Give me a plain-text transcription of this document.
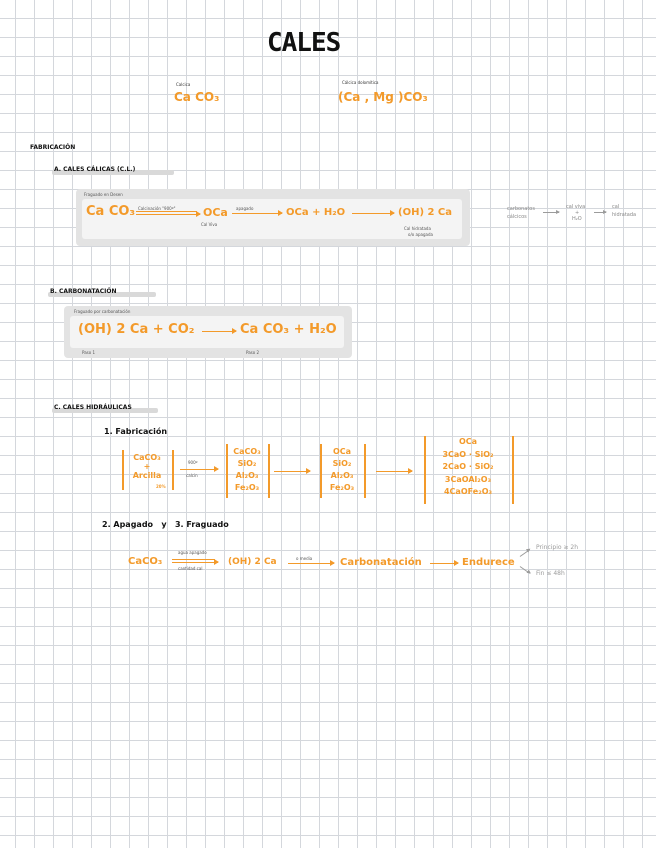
CALES
Calcica
Ca CO₃
Cálcica dolomítica
(Ca , Mg )CO₃
FABRICACIÓN
A. CALES CÁLICAS (C.L.)
Fraguado en Desen
Ca CO₃ Calcinación "900º"	OCa
Cal Viva
apagado	OCa + H₂O	(OH) 2 Ca
Cal hidratada
o/o apagada
carbonatos
cálcicos
cal viva
+
H₂O
cal
hidratada
B. CARBONATACIÓN
Fraguado por carbonatación
(OH) 2 Ca + CO₂	Ca CO₃ + H₂O
Paso 1	Paso 2
C. CALES HIDRÁULICAS
1. Fabricación
CaCO₃
+
Arcilla
20%
900º
calcin
CaCO₃
SiO₂
Al₂O₃
Fe₂O₃
OCa
SiO₂
Al₂O₃
Fe₂O₃
OCa
3CaO · SiO₂
2CaO · SiO₂
3CaOAl₂O₃
4CaOFe₂O₃
2. Apagado   y   3. Fraguado
CaCO₃
agua apagado
cantidad cal
(OH) 2 Ca	o media	Carbonatación	Endurece
Principio ≥ 2h
Fin ≤ 48h
